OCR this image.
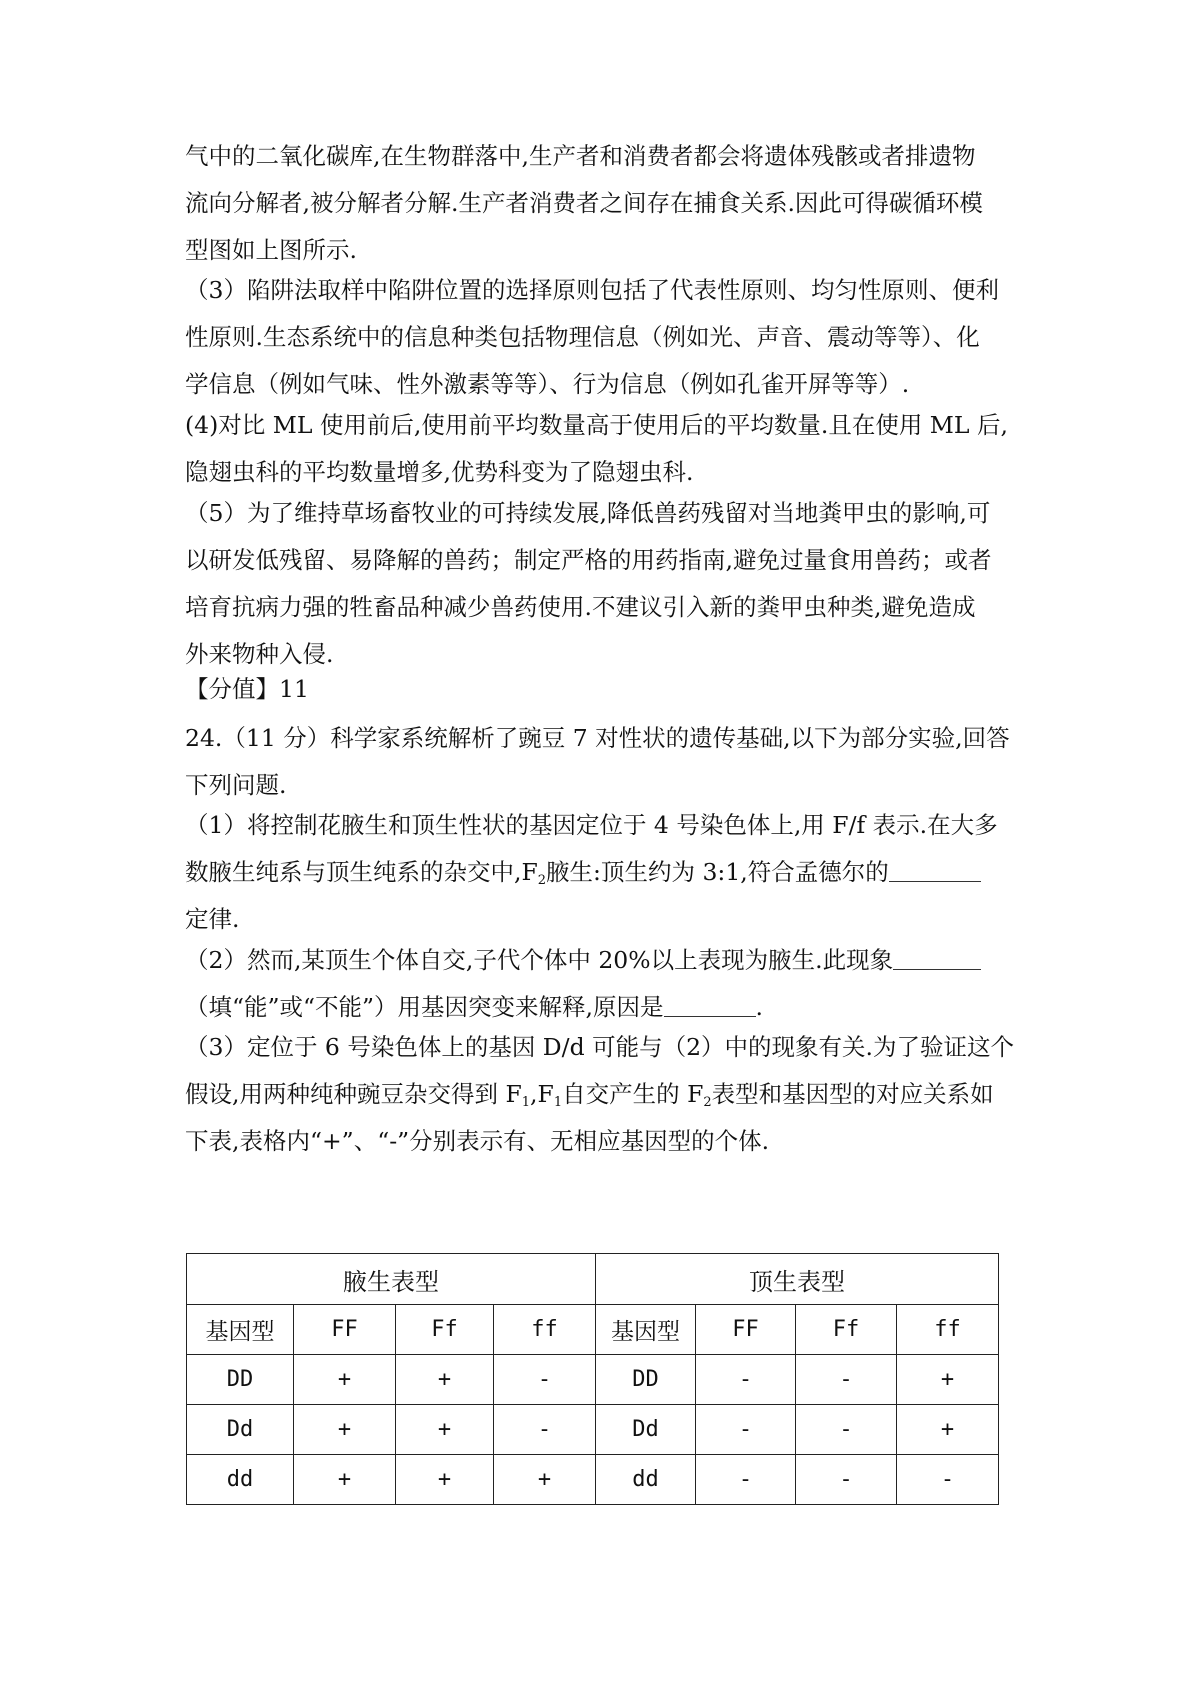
气中的二氧化碳库,在生物群落中,生产者和消费者都会将遗体残骸或者排遗物
流向分解者,被分解者分解.生产者消费者之间存在捕食关系.因此可得碳循环模
型图如上图所示.
（3）陷阱法取样中陷阱位置的选择原则包括了代表性原则、均匀性原则、便利
性原则.生态系统中的信息种类包括物理信息（例如光、声音、震动等等）、化
学信息（例如气味、性外激素等等）、行为信息（例如孔雀开屏等等）.
(4)对比 ML 使用前后,使用前平均数量高于使用后的平均数量.且在使用 ML 后,
隐翅虫科的平均数量增多,优势科变为了隐翅虫科.
（5）为了维持草场畜牧业的可持续发展,降低兽药残留对当地粪甲虫的影响,可
以研发低残留、易降解的兽药；制定严格的用药指南,避免过量食用兽药；或者
培育抗病力强的牲畜品种减少兽药使用.不建议引入新的粪甲虫种类,避免造成
外来物种入侵.
【分值】11
24.（11 分）科学家系统解析了豌豆 7 对性状的遗传基础,以下为部分实验,回答
下列问题.
（1）将控制花腋生和顶生性状的基因定位于 4 号染色体上,用 F/f 表示.在大多
数腋生纯系与顶生纯系的杂交中$,F_2$腋生:顶生约为 3:1,符合孟德尔的
定律.
（2）然而,某顶生个体自交,子代个体中 20%以上表现为腋生.此现象
（填“能”或“不能”）用基因突变来解释,原因是	.
（3）定位于 6 号染色体上的基因 D/d 可能与（2）中的现象有关.为了验证这个
假设,用两种纯种豌豆杂交得到 $F_1,F_1$自交产生的 $F_2$表型和基因型的对应关系如
下表,表格内“+”、“-”分别表示有、无相应基因型的个体.
腋生表型				顶生表型			
基因型	FF	Ff	ff	基因型	FF	Ff	ff
DD	+	+	-	DD	-	-	+
Dd	+	+	-	Dd	-	-	+
dd	+	+	+	dd	-	-	-
